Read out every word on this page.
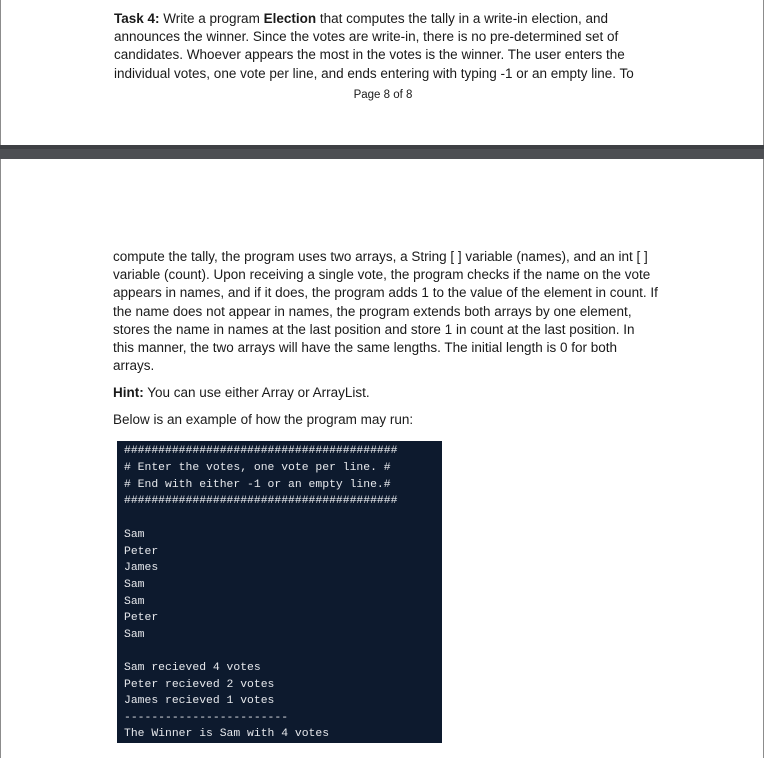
Task 4: Write a program Election that computes the tally in a write-in election, and announces the winner. Since the votes are write-in, there is no pre-determined set of candidates. Whoever appears the most in the votes is the winner. The user enters the individual votes, one vote per line, and ends entering with typing -1 or an empty line. To

Page 8 of 8

compute the tally, the program uses two arrays, a String [ ] variable (names), and an int [ ] variable (count). Upon receiving a single vote, the program checks if the name on the vote appears in names, and if it does, the program adds 1 to the value of the element in count. If the name does not appear in names, the program extends both arrays by one element, stores the name in names at the last position and store 1 in count at the last position. In this manner, the two arrays will have the same lengths. The initial length is 0 for both arrays.

Hint: You can use either Array or ArrayList.

Below is an example of how the program may run:

########################################
# Enter the votes, one vote per line. #
# End with either -1 or an empty line.#
########################################
Sam
Peter
James
Sam
Sam
Peter
Sam
Sam recieved 4 votes
Peter recieved 2 votes
James recieved 1 votes
------------------------
The Winner is Sam with 4 votes
